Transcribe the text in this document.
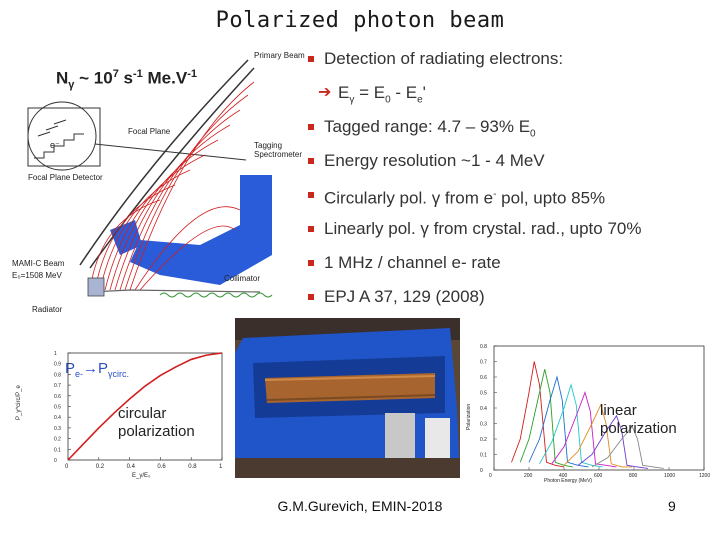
Polarized photon beam
$N_\gamma$ ~ $10^7$ $s^{-1}$ $Me.V^{-1}$
e⁻
Focal Plane Detector
Focal Plane
Primary Beam
Tagging
Spectrometer
MAMI-C Beam
E₀=1508 MeV
Radiator
Collimator
Detection of radiating electrons:
➔ $E_\gamma = E_0 - E_e'$
Tagged range: 4.7 – 93% $E_0$
Energy resolution ~1 - 4 MeV
Circularly pol. γ from e- pol, upto 85%
Linearly pol. γ from crystal. rad., upto 70%
1 MHz / channel e- rate
EPJ A 37, 129 (2008)
$P_{e-}\to P_{\gamma circ.}$
P_γ^circ/P_e
E_γ/E₀
0	0.2	0.4	0.6	0.8	1
0
0.1
0.2
0.3
0.4
0.5
0.6
0.7
0.8
0.9
1
circular
polarization
Polarization
Photon Energy (MeV)
0	200	400	600	800	1000	1200
0
0.1
0.2
0.3
0.4
0.5
0.6
0.7
0.8
linear
polarization
G.M.Gurevich, EMIN-2018	9
